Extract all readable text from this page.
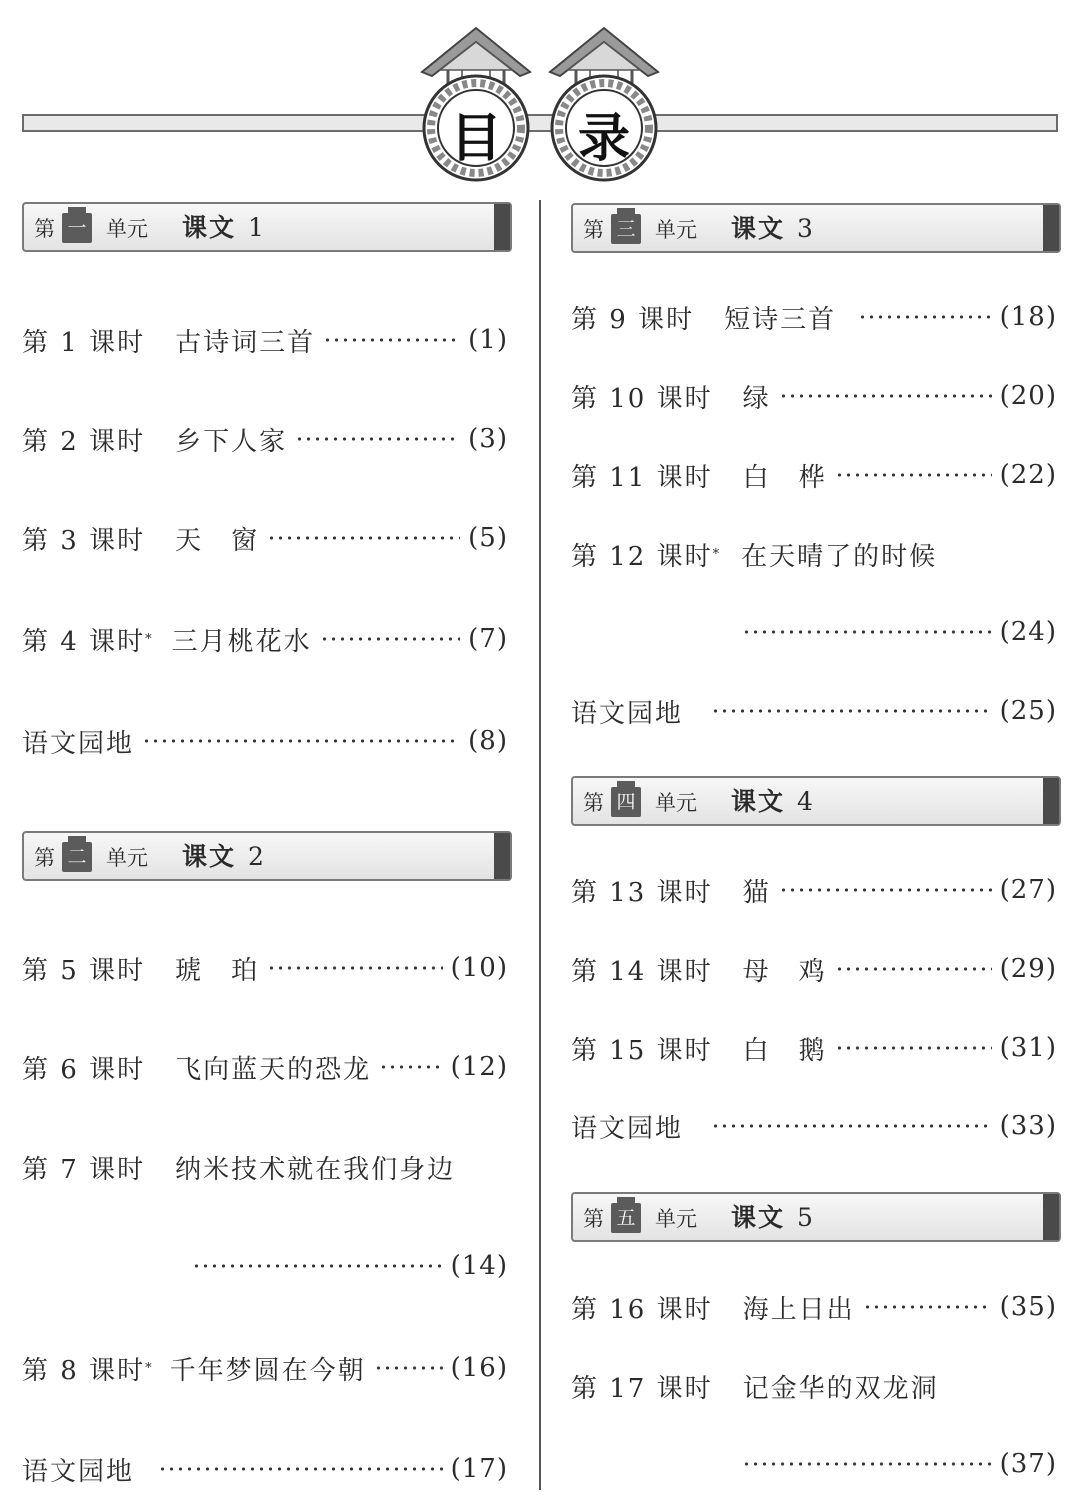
目	录
第 一 单元 课文 1
第 二 单元 课文 2
第 三 单元 课文 3
第 四 单元 课文 4
第 五 单元 课文 5
第 1 课时 古诗词三首	(1)
第 2 课时 乡下人家	(3)
第 3 课时 天　窗	(5)
第 4 课时 * 三月桃花水	(7)
语文园地	(8)
第 5 课时 琥　珀	(10)
第 6 课时 飞向蓝天的恐龙	(12)
第 7 课时 纳米技术就在我们身边
(14)
第 8 课时 * 千年梦圆在今朝	(16)
语文园地	(17)
第 9 课时 短诗三首	(18)
第 10 课时 绿	(20)
第 11 课时 白　桦	(22)
第 12 课时 * 在天晴了的时候
(24)
语文园地	(25)
第 13 课时 猫	(27)
第 14 课时 母　鸡	(29)
第 15 课时 白　鹅	(31)
语文园地	(33)
第 16 课时 海上日出	(35)
第 17 课时 记金华的双龙洞
(37)
